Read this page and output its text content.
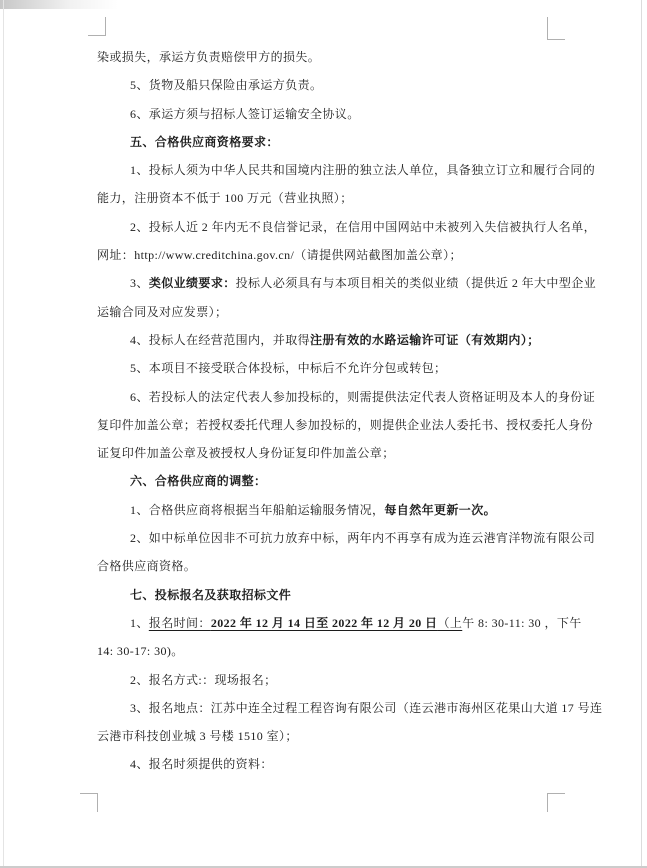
染或损失，承运方负责赔偿甲方的损失。
5、货物及船只保险由承运方负责。
6、承运方须与招标人签订运输安全协议。
五、合格供应商资格要求：
1、投标人须为中华人民共和国境内注册的独立法人单位，具备独立订立和履行合同的
能力，注册资本不低于 100 万元（营业执照）；
2、投标人近 2 年内无不良信誉记录，在信用中国网站中未被列入失信被执行人名单，
网址：http://www.creditchina.gov.cn/（请提供网站截图加盖公章）；
3、类似业绩要求：投标人必须具有与本项目相关的类似业绩（提供近 2 年大中型企业
运输合同及对应发票）；
4、投标人在经营范围内，并取得注册有效的水路运输许可证（有效期内）；
5、本项目不接受联合体投标，中标后不允许分包或转包；
6、若投标人的法定代表人参加投标的，则需提供法定代表人资格证明及本人的身份证
复印件加盖公章；若授权委托代理人参加投标的，则提供企业法人委托书、授权委托人身份
证复印件加盖公章及被授权人身份证复印件加盖公章；
六、合格供应商的调整：
1、合格供应商将根据当年船舶运输服务情况，每自然年更新一次。
2、如中标单位因非不可抗力放弃中标，两年内不再享有成为连云港宵洋物流有限公司
合格供应商资格。
七、投标报名及获取招标文件
1、报名时间：2022 年 12 月 14 日至 2022 年 12 月 20 日（上午 8: 30-11: 30 ，下午
14: 30-17: 30)。
2、报名方式:：现场报名；
3、报名地点：江苏中连全过程工程咨询有限公司（连云港市海州区花果山大道 17 号连
云港市科技创业城 3 号楼 1510 室）；
4、报名时须提供的资料：
